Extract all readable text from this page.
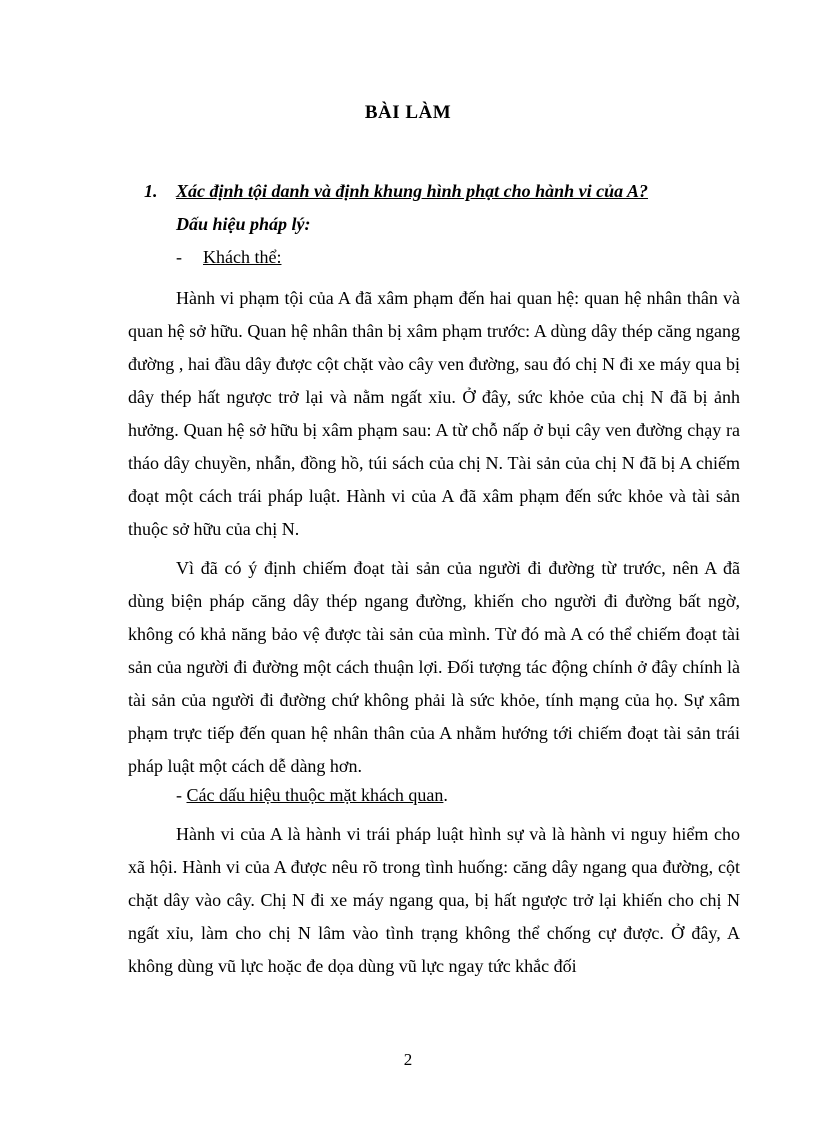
BÀI LÀM
1. Xác định tội danh và định khung hình phạt cho hành vi của A?
Dấu hiệu pháp lý:
- Khách thể:

Hành vi phạm tội của A đã xâm phạm đến hai quan hệ: quan hệ nhân thân và quan hệ sở hữu. Quan hệ nhân thân bị xâm phạm trước: A dùng dây thép căng ngang đường , hai đầu dây được cột chặt vào cây ven đường, sau đó chị N đi xe máy qua bị dây thép hất ngược trở lại và nằm ngất xỉu. Ở đây, sức khỏe của chị N đã bị ảnh hưởng. Quan hệ sở hữu bị xâm phạm sau: A từ chỗ nấp ở bụi cây ven đường chạy ra tháo dây chuyền, nhẫn, đồng hồ, túi sách của chị N. Tài sản của chị N đã bị A chiếm đoạt một cách trái pháp luật. Hành vi của A đã xâm phạm đến sức khỏe và tài sản thuộc sở hữu của chị N.

Vì đã có ý định chiếm đoạt tài sản của người đi đường từ trước, nên A đã dùng biện pháp căng dây thép ngang đường, khiến cho người đi đường bất ngờ, không có khả năng bảo vệ được tài sản của mình. Từ đó mà A có thể chiếm đoạt tài sản của người đi đường một cách thuận lợi. Đối tượng tác động chính ở đây chính là tài sản của người đi đường chứ không phải là sức khỏe, tính mạng của họ. Sự xâm phạm trực tiếp đến quan hệ nhân thân của A nhằm hướng tới chiếm đoạt tài sản trái pháp luật một cách dễ dàng hơn.

- Các dấu hiệu thuộc mặt khách quan.

Hành vi của A là hành vi trái pháp luật hình sự và là hành vi nguy hiểm cho xã hội. Hành vi của A được nêu rõ trong tình huống: căng dây ngang qua đường, cột chặt dây vào cây. Chị N đi xe máy ngang qua, bị hất ngược trở lại khiến cho chị N ngất xỉu, làm cho chị N lâm vào tình trạng không thể chống cự được. Ở đây, A không dùng vũ lực hoặc đe dọa dùng vũ lực ngay tức khắc đối

2
